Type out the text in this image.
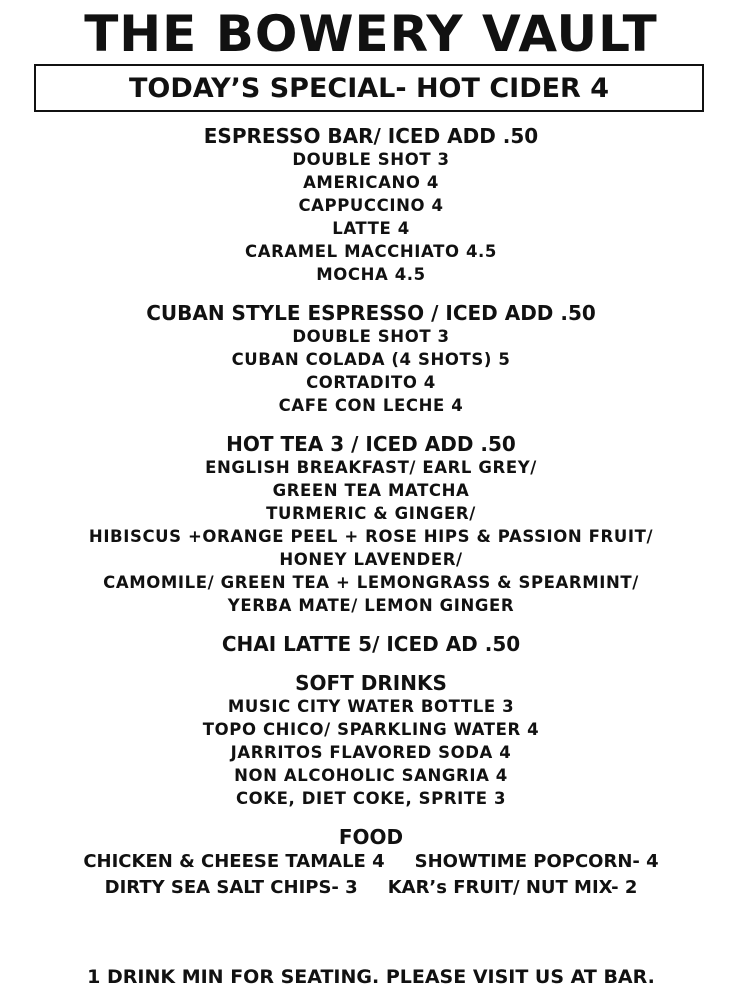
THE BOWERY VAULT
TODAY’S SPECIAL- HOT CIDER 4
ESPRESSO BAR/ ICED ADD .50
DOUBLE SHOT 3
AMERICANO 4
CAPPUCCINO 4
LATTE 4
CARAMEL MACCHIATO 4.5
MOCHA 4.5
CUBAN STYLE ESPRESSO / ICED ADD .50
DOUBLE SHOT 3
CUBAN COLADA (4 SHOTS) 5
CORTADITO 4
CAFE CON LECHE 4
HOT TEA 3 / ICED ADD .50
ENGLISH BREAKFAST/ EARL GREY/
GREEN TEA MATCHA
TURMERIC & GINGER/
HIBISCUS +ORANGE PEEL + ROSE HIPS & PASSION FRUIT/
HONEY LAVENDER/
CAMOMILE/ GREEN TEA + LEMONGRASS & SPEARMINT/
YERBA MATE/ LEMON GINGER
CHAI LATTE 5/ ICED AD .50
SOFT DRINKS
MUSIC CITY WATER BOTTLE 3
TOPO CHICO/ SPARKLING WATER 4
JARRITOS FLAVORED SODA 4
NON ALCOHOLIC SANGRIA 4
COKE, DIET COKE, SPRITE 3
FOOD
CHICKEN & CHEESE TAMALE 4 SHOWTIME POPCORN- 4
DIRTY SEA SALT CHIPS- 3 KAR’s FRUIT/ NUT MIX- 2
1 DRINK MIN FOR SEATING. PLEASE VISIT US AT BAR.
